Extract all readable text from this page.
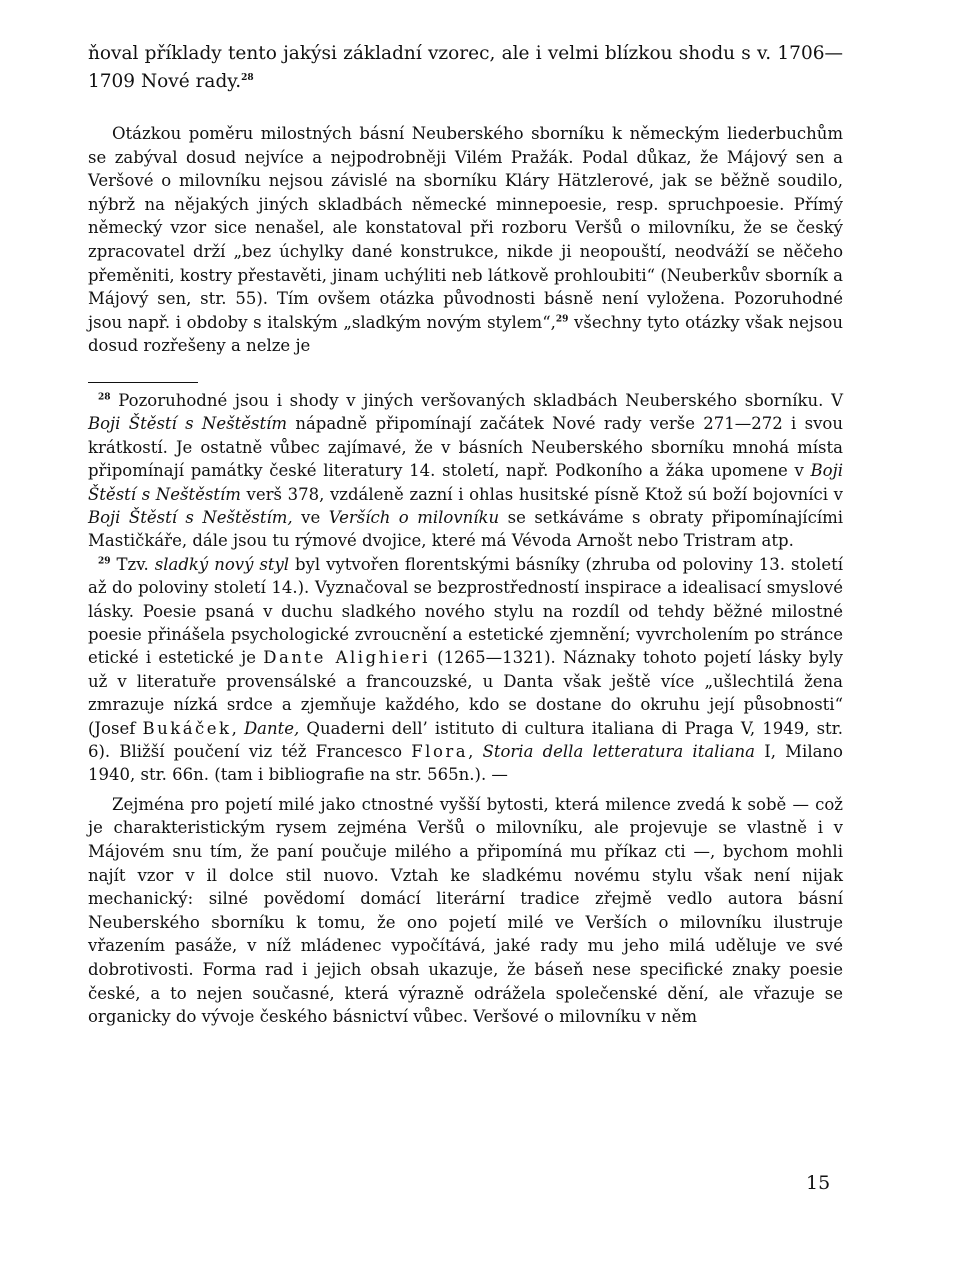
ňoval příklady tento jakýsi základní vzorec, ale i velmi blízkou shodu s v. 1706—1709 Nové rady.$^{28}$

Otázkou poměru milostných básní Neuberského sborníku k německým liederbuchům se zabýval dosud nejvíce a nejpodrobněji Vilém Pražák. Podal důkaz, že Májový sen a Veršové o milovníku nejsou závislé na sborníku Kláry Hätzlerové, jak se běžně soudilo, nýbrž na nějakých jiných skladbách německé minnepoesie, resp. spruchpoesie. Přímý německý vzor sice nenašel, ale konstatoval při rozboru Veršů o milovníku, že se český zpracovatel drží „bez úchylky dané konstrukce, nikde ji neopouští, neodváží se něčeho přeměniti, kostry přestavěti, jinam uchýliti neb látkově prohloubiti“ (Neuberkův sborník a Májový sen, str. 55). Tím ovšem otázka původnosti básně není vyložena. Pozoruhodné jsou např. i obdoby s italským „sladkým novým stylem“,$^{29}$ všechny tyto otázky však nejsou dosud rozřešeny a nelze je

$^{28}$ Pozoruhodné jsou i shody v jiných veršovaných skladbách Neuberského sborníku. V Boji Štěstí s Neštěstím nápadně připomínají začátek Nové rady verše 271—272 i svou krátkostí. Je ostatně vůbec zajímavé, že v básních Neuberského sborníku mnohá místa připomínají památky české literatury 14. století, např. Podkoního a žáka upomene v Boji Štěstí s Neštěstím verš 378, vzdáleně zazní i ohlas husitské písně Ktož sú boží bojovníci v Boji Štěstí s Neštěstím, ve Verších o milovníku se setkáváme s obraty připomínajícími Mastičkáře, dále jsou tu rýmové dvojice, které má Vévoda Arnošt nebo Tristram atp.

$^{29}$ Tzv. sladký nový styl byl vytvořen florentskými básníky (zhruba od poloviny 13. století až do poloviny století 14.). Vyznačoval se bezprostředností inspirace a idealisací smyslové lásky. Poesie psaná v duchu sladkého nového stylu na rozdíl od tehdy běžné milostné poesie přinášela psychologické zvroucnění a estetické zjemnění; vyvrcholením po stránce etické i estetické je Dante Alighieri (1265—1321). Náznaky tohoto pojetí lásky byly už v literatuře provensálské a francouzské, u Danta však ještě více „ušlechtilá žena zmrazuje nízká srdce a zjemňuje každého, kdo se dostane do okruhu její působnosti“ (Josef Bukáček, Dante, Quaderni dell’ istituto di cultura italiana di Praga V, 1949, str. 6). Bližší poučení viz též Francesco Flora, Storia della letteratura italiana I, Milano 1940, str. 66n. (tam i bibliografie na str. 565n.). —

Zejména pro pojetí milé jako ctnostné vyšší bytosti, která milence zvedá k sobě — což je charakteristickým rysem zejména Veršů o milovníku, ale projevuje se vlastně i v Májovém snu tím, že paní poučuje milého a připomíná mu příkaz cti —, bychom mohli najít vzor v il dolce stil nuovo. Vztah ke sladkému novému stylu však není nijak mechanický: silné povědomí domácí literární tradice zřejmě vedlo autora básní Neuberského sborníku k tomu, že ono pojetí milé ve Verších o milovníku ilustruje vřazením pasáže, v níž mládenec vypočítává, jaké rady mu jeho milá uděluje ve své dobrotivosti. Forma rad i jejich obsah ukazuje, že báseň nese specifické znaky poesie české, a to nejen současné, která výrazně odrážela společenské dění, ale vřazuje se organicky do vývoje českého básnictví vůbec. Veršové o milovníku v něm

15
